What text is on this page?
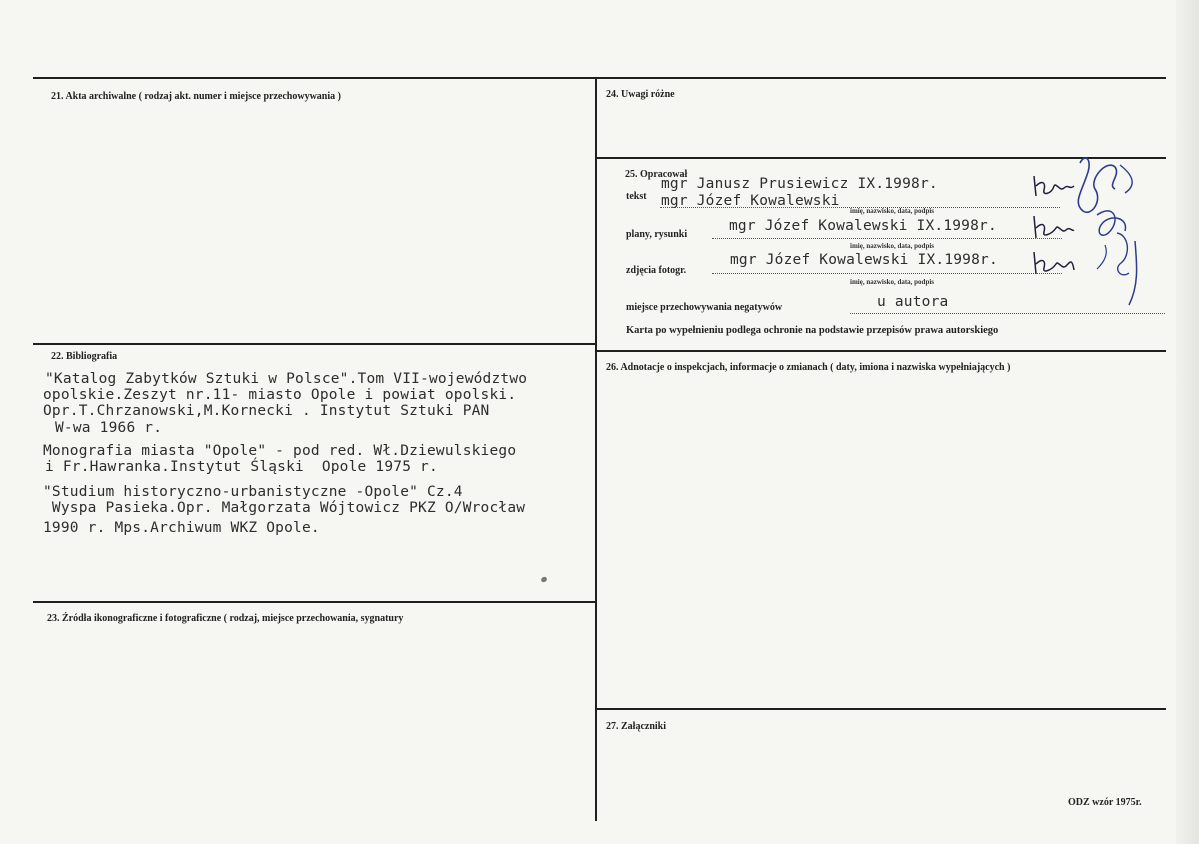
21. Akta archiwalne ( rodzaj akt. numer i miejsce przechowywania )	24. Uwagi różne
25. Opracował
22. Bibliografia
26. Adnotacje o inspekcjach, informacje o zmianach ( daty, imiona i nazwiska wypełniających )
23. Źródła ikonograficzne i fotograficzne ( rodzaj, miejsce przechowania, sygnatury
27. Załączniki
tekst
mgr Janusz Prusiewicz IX.1998r.
mgr Józef Kowalewski
imię, nazwisko, data, podpis
plany, rysunki
mgr Józef Kowalewski IX.1998r.
imię, nazwisko, data, podpis
zdjęcia fotogr.
mgr Józef Kowalewski IX.1998r.
imię, nazwisko, data, podpis
miejsce przechowywania negatywów	u autora
Karta po wypełnieniu podlega ochronie na podstawie przepisów prawa autorskiego
"Katalog Zabytków Sztuki w Polsce".Tom VII-województwo
opolskie.Zeszyt nr.11- miasto Opole i powiat opolski.
Opr.T.Chrzanowski,M.Kornecki . Instytut Sztuki PAN
W-wa 1966 r.
Monografia miasta "Opole" - pod red. Wł.Dziewulskiego
i Fr.Hawranka.Instytut Śląski  Opole 1975 r.
"Studium historyczno-urbanistyczne -Opole" Cz.4
Wyspa Pasieka.Opr. Małgorzata Wójtowicz PKZ O/Wrocław
1990 r. Mps.Archiwum WKZ Opole.
ODZ wzór 1975r.
